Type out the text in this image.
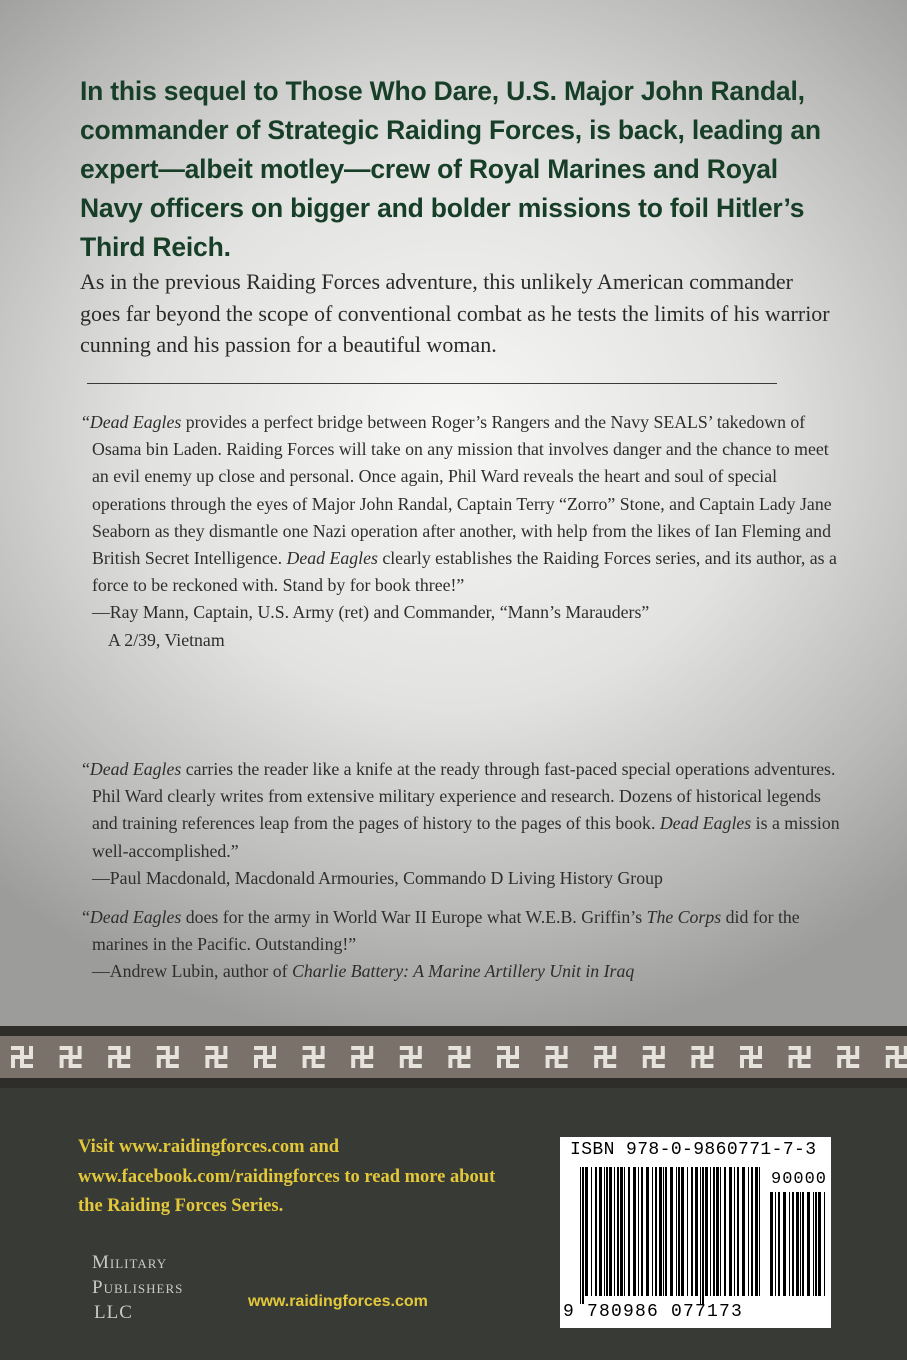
In this sequel to Those Who Dare, U.S. Major John Randal, commander of Strategic Raiding Forces, is back, leading an expert—albeit motley—crew of Royal Marines and Royal Navy officers on bigger and bolder missions to foil Hitler’s Third Reich.

As in the previous Raiding Forces adventure, this unlikely American commander goes far beyond the scope of conventional combat as he tests the limits of his warrior cunning and his passion for a beautiful woman.

“Dead Eagles provides a perfect bridge between Roger’s Rangers and the Navy SEALS’ takedown of Osama bin Laden. Raiding Forces will take on any mission that involves danger and the chance to meet an evil enemy up close and personal. Once again, Phil Ward reveals the heart and soul of special operations through the eyes of Major John Randal, Captain Terry “Zorro” Stone, and Captain Lady Jane Seaborn as they dismantle one Nazi operation after another, with help from the likes of Ian Fleming and British Secret Intelligence. Dead Eagles clearly establishes the Raiding Forces series, and its author, as a force to be reckoned with. Stand by for book three!”

—Ray Mann, Captain, U.S. Army (ret) and Commander, “Mann’s Marauders”

A 2/39, Vietnam

“Dead Eagles carries the reader like a knife at the ready through fast-paced special operations adventures. Phil Ward clearly writes from extensive military experience and research. Dozens of historical legends and training references leap from the pages of history to the pages of this book. Dead Eagles is a mission well-accomplished.”

—Paul Macdonald, Macdonald Armouries, Commando D Living History Group

“Dead Eagles does for the army in World War II Europe what W.E.B. Griffin’s The Corps did for the marines in the Pacific. Outstanding!”

—Andrew Lubin, author of Charlie Battery: A Marine Artillery Unit in Iraq

Visit www.raidingforces.com and www.facebook.com/raidingforces to read more about the Raiding Forces Series.

Military
Publishers
LLC
www.raidingforces.com
ISBN 978-0-9860771-7-3
90000
9 780986 077173
